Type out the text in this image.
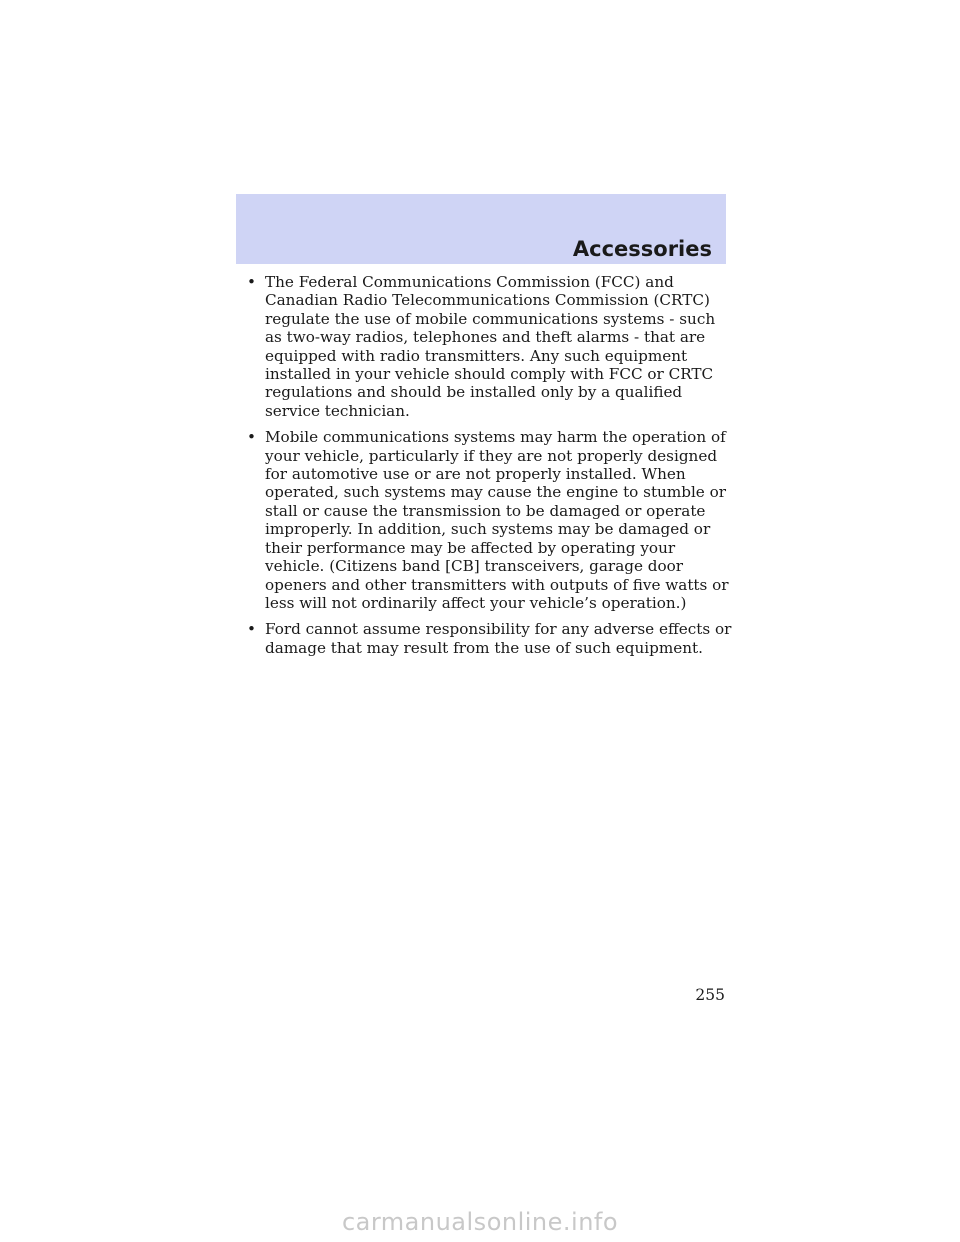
Accessories
• The Federal Communications Commission (FCC) and Canadian Radio Telecommunications Commission (CRTC) regulate the use of mobile communications systems - such as two-way radios, telephones and theft alarms - that are equipped with radio transmitters. Any such equipment installed in your vehicle should comply with FCC or CRTC regulations and should be installed only by a qualified service technician.
• Mobile communications systems may harm the operation of your vehicle, particularly if they are not properly designed for automotive use or are not properly installed. When operated, such systems may cause the engine to stumble or stall or cause the transmission to be damaged or operate improperly. In addition, such systems may be damaged or their performance may be affected by operating your vehicle. (Citizens band [CB] transceivers, garage door openers and other transmitters with outputs of five watts or less will not ordinarily affect your vehicle’s operation.)
• Ford cannot assume responsibility for any adverse effects or damage that may result from the use of such equipment.
255
carmanualsonline.info
